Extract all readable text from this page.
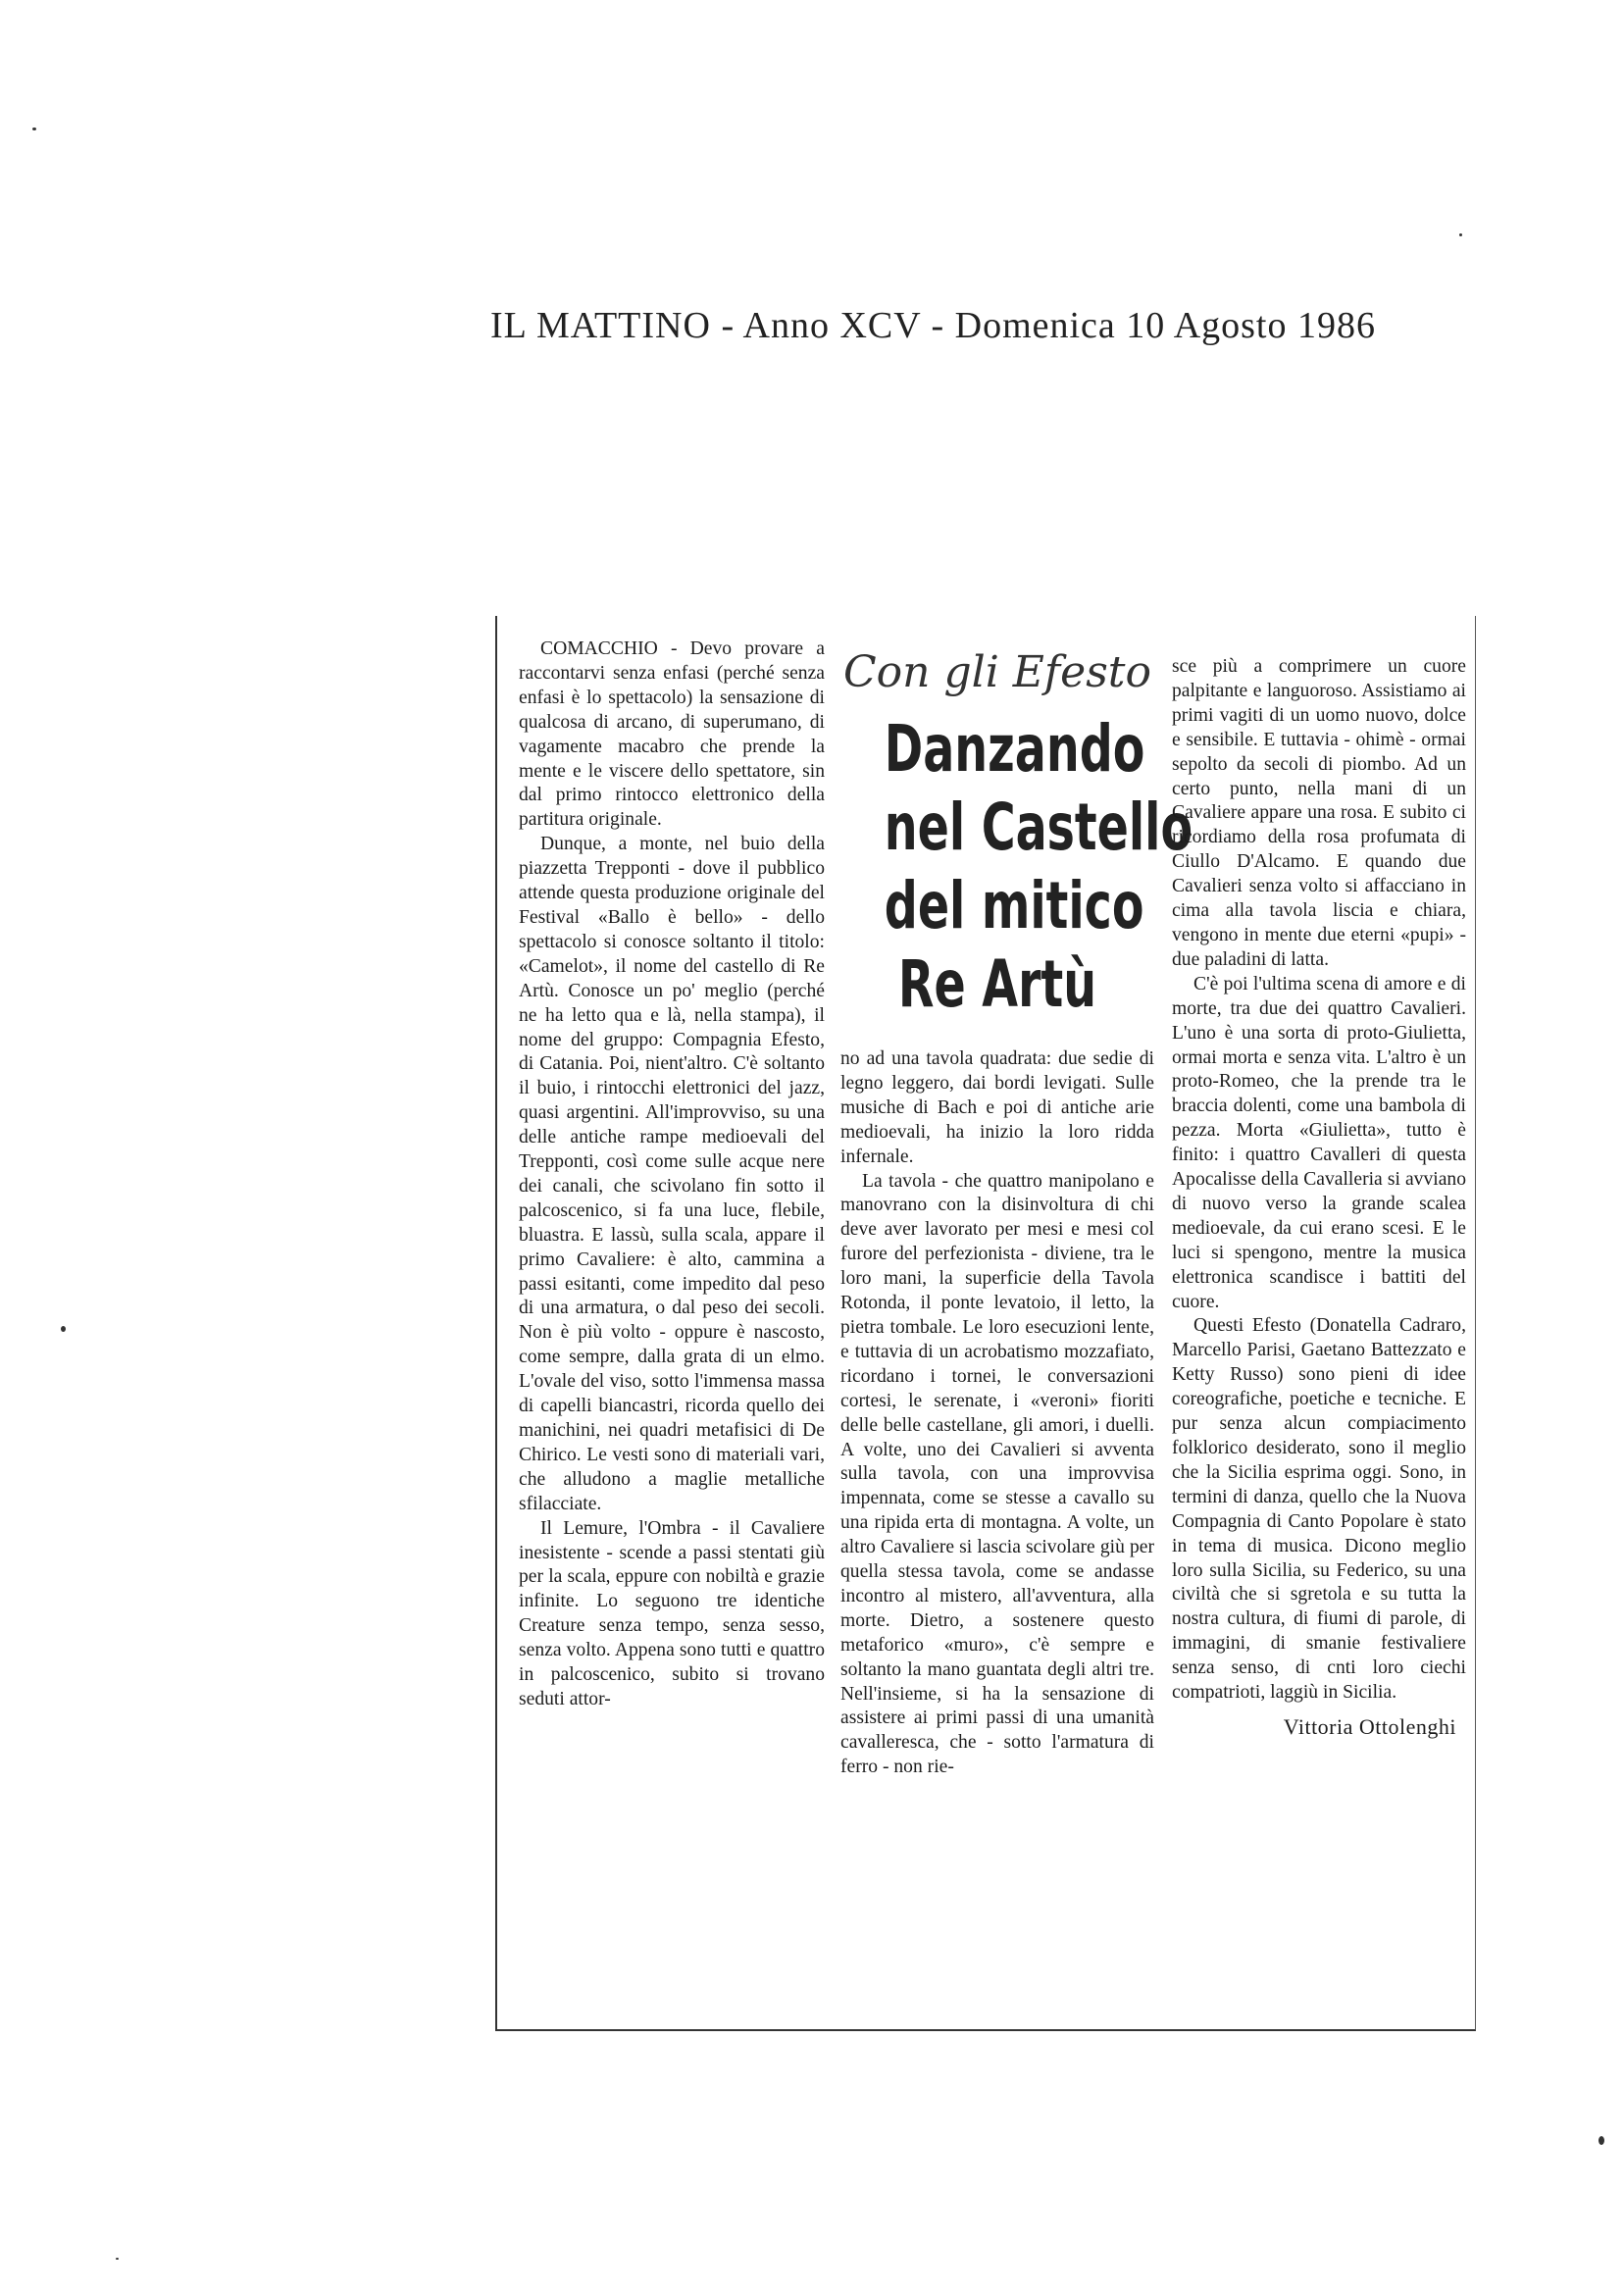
IL MATTINO - Anno XCV - Domenica 10 Agosto 1986

COMACCHIO - Devo provare a raccontarvi senza enfasi (perché senza enfasi è lo spettacolo) la sensazione di qualcosa di arcano, di superumano, di vagamente macabro che prende la mente e le viscere dello spettatore, sin dal primo rintocco elettronico della partitura originale.

Dunque, a monte, nel buio della piazzetta Trepponti - dove il pubblico attende questa produzione originale del Festival «Ballo è bello» - dello spettacolo si conosce soltanto il titolo: «Camelot», il nome del castello di Re Artù. Conosce un po' meglio (perché ne ha letto qua e là, nella stampa), il nome del gruppo: Compagnia Efesto, di Catania. Poi, nient'altro. C'è soltanto il buio, i rintocchi elettronici del jazz, quasi argentini. All'improvviso, su una delle antiche rampe medioevali del Trepponti, così come sulle acque nere dei canali, che scivolano fin sotto il palcoscenico, si fa una luce, flebile, bluastra. E lassù, sulla scala, appare il primo Cavaliere: è alto, cammina a passi esitanti, come impedito dal peso di una armatura, o dal peso dei secoli. Non è più volto - oppure è nascosto, come sempre, dalla grata di un elmo. L'ovale del viso, sotto l'immensa massa di capelli biancastri, ricorda quello dei manichini, nei quadri metafisici di De Chirico. Le vesti sono di materiali vari, che alludono a maglie metalliche sfilacciate.

Il Lemure, l'Ombra - il Cavaliere inesistente - scende a passi stentati giù per la scala, eppure con nobiltà e grazie infinite. Lo seguono tre identiche Creature senza tempo, senza sesso, senza volto. Appena sono tutti e quattro in palcoscenico, subito si trovano seduti attor-

Con gli Efesto
Danzando
nel Castello
del mitico
Re Artù

no ad una tavola quadrata: due sedie di legno leggero, dai bordi levigati. Sulle musiche di Bach e poi di antiche arie medioevali, ha inizio la loro ridda infernale.

La tavola - che quattro manipolano e manovrano con la disinvoltura di chi deve aver lavorato per mesi e mesi col furore del perfezionista - diviene, tra le loro mani, la superficie della Tavola Rotonda, il ponte levatoio, il letto, la pietra tombale. Le loro esecuzioni lente, e tuttavia di un acrobatismo mozzafiato, ricordano i tornei, le conversazioni cortesi, le serenate, i «veroni» fioriti delle belle castellane, gli amori, i duelli. A volte, uno dei Cavalieri si avventa sulla tavola, con una improvvisa impennata, come se stesse a cavallo su una ripida erta di montagna. A volte, un altro Cavaliere si lascia scivolare giù per quella stessa tavola, come se andasse incontro al mistero, all'avventura, alla morte. Dietro, a sostenere questo metaforico «muro», c'è sempre e soltanto la mano guantata degli altri tre. Nell'insieme, si ha la sensazione di assistere ai primi passi di una umanità cavalleresca, che - sotto l'armatura di ferro - non rie-

sce più a comprimere un cuore palpitante e languoroso. Assistiamo ai primi vagiti di un uomo nuovo, dolce e sensibile. E tuttavia - ohimè - ormai sepolto da secoli di piombo. Ad un certo punto, nella mani di un Cavaliere appare una rosa. E subito ci ricordiamo della rosa profumata di Ciullo D'Alcamo. E quando due Cavalieri senza volto si affacciano in cima alla tavola liscia e chiara, vengono in mente due eterni «pupi» - due paladini di latta.

C'è poi l'ultima scena di amore e di morte, tra due dei quattro Cavalieri. L'uno è una sorta di proto-Giulietta, ormai morta e senza vita. L'altro è un proto-Romeo, che la prende tra le braccia dolenti, come una bambola di pezza. Morta «Giulietta», tutto è finito: i quattro Cavalleri di questa Apocalisse della Cavalleria si avviano di nuovo verso la grande scalea medioevale, da cui erano scesi. E le luci si spengono, mentre la musica elettronica scandisce i battiti del cuore.

Questi Efesto (Donatella Cadraro, Marcello Parisi, Gaetano Battezzato e Ketty Russo) sono pieni di idee coreografiche, poetiche e tecniche. E pur senza alcun compiacimento folklorico desiderato, sono il meglio che la Sicilia esprima oggi. Sono, in termini di danza, quello che la Nuova Compagnia di Canto Popolare è stato in tema di musica. Dicono meglio loro sulla Sicilia, su Federico, su una civiltà che si sgretola e su tutta la nostra cultura, di fiumi di parole, di immagini, di smanie festivaliere senza senso, di cnti loro ciechi compatrioti, laggiù in Sicilia.

Vittoria Ottolenghi
